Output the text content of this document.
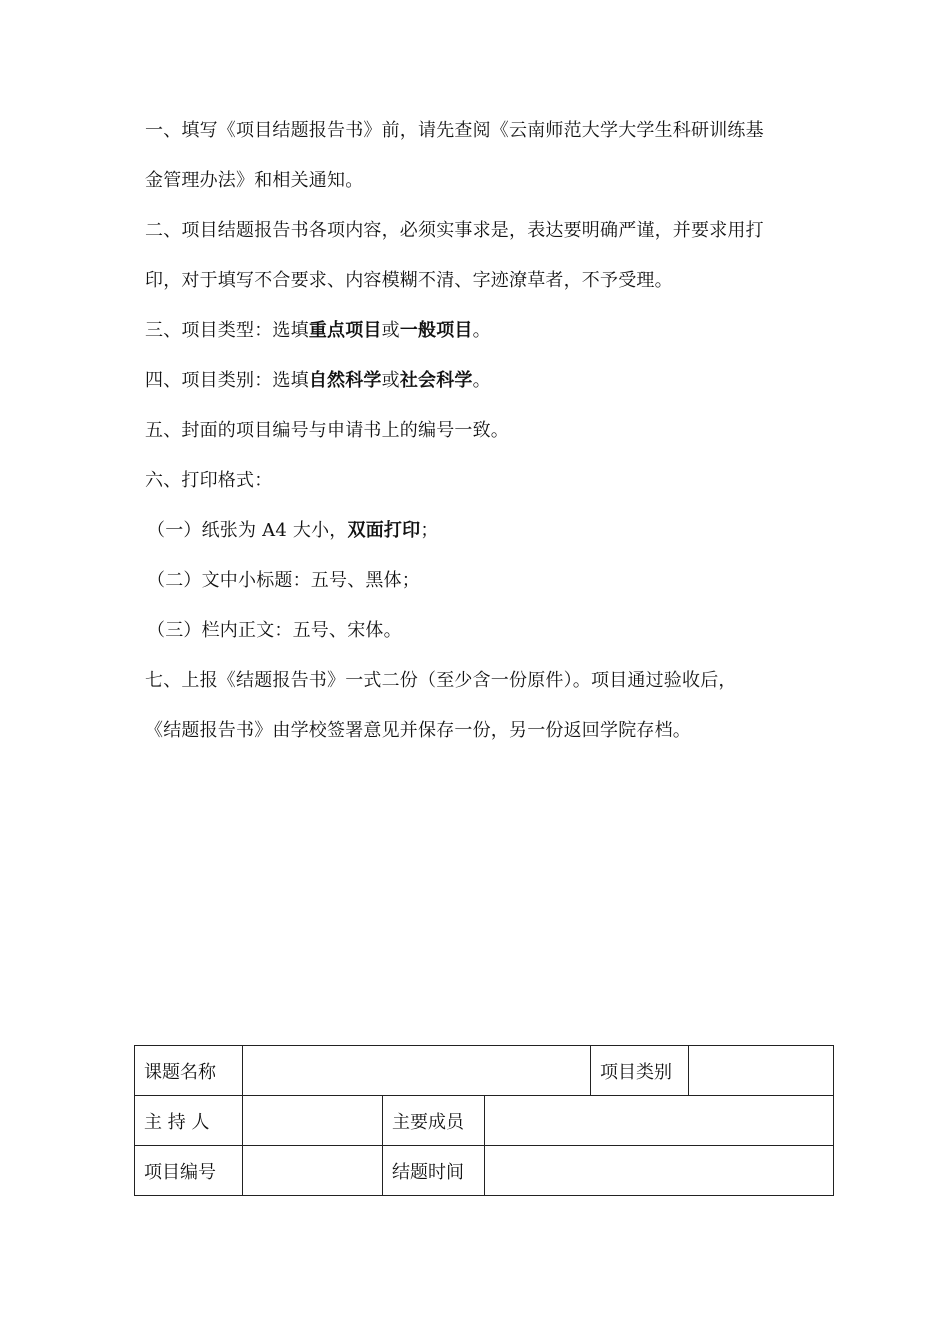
一、填写《项目结题报告书》前，请先查阅《云南师范大学大学生科研训练基
金管理办法》和相关通知。
二、项目结题报告书各项内容，必须实事求是，表达要明确严谨，并要求用打
印，对于填写不合要求、内容模糊不清、字迹潦草者，不予受理。
三、项目类型：选填重点项目或一般项目。
四、项目类别：选填自然科学或社会科学。
五、封面的项目编号与申请书上的编号一致。
六、打印格式：
（一）纸张为 A4 大小，双面打印；
（二）文中小标题：五号、黑体；
（三）栏内正文：五号、宋体。
七、上报《结题报告书》一式二份（至少含一份原件）。项目通过验收后，
《结题报告书》由学校签署意见并保存一份，另一份返回学院存档。
课题名称				项目类别	
主 持 人		主要成员			
项目编号		结题时间			
